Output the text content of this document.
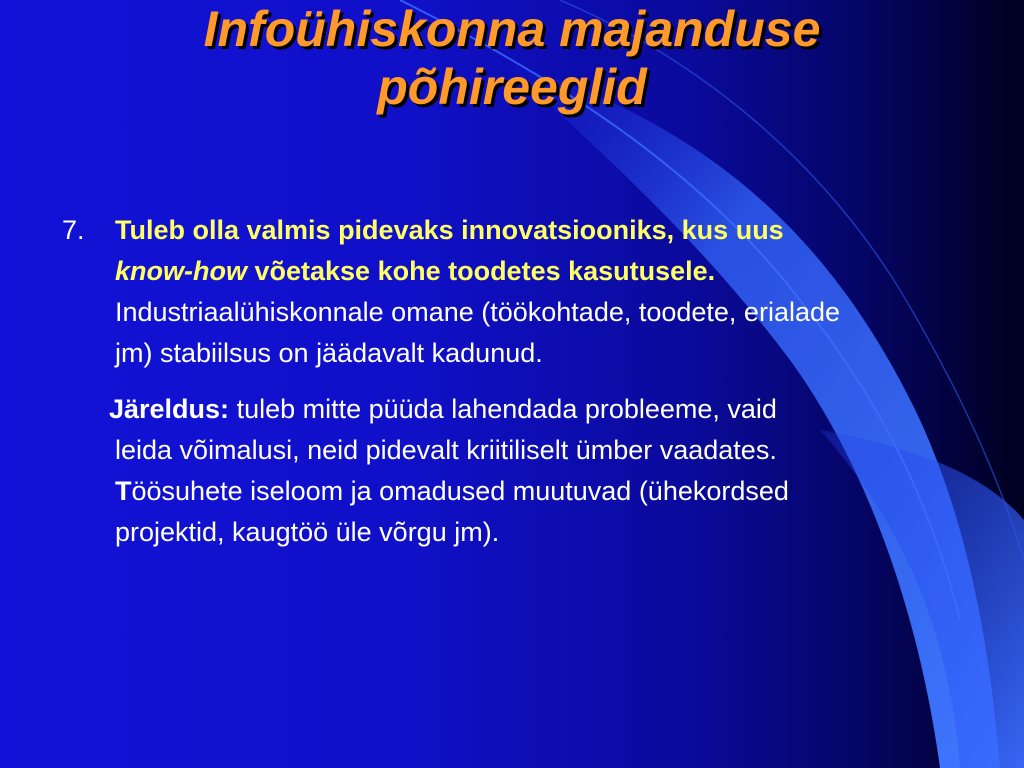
Infoühiskonna majanduse
põhireeglid
7. Tuleb olla valmis pidevaks innovatsiooniks, kus uus know-how võetakse kohe toodetes kasutusele. Industriaalühiskonnale omane (töökohtade, toodete, erialade jm) stabiilsus on jäädavalt kadunud.
Järeldus: tuleb mitte püüda lahendada probleeme, vaid leida võimalusi, neid pidevalt kriitiliselt ümber vaadates. Töösuhete iseloom ja omadused muutuvad (ühekordsed projektid, kaugtöö üle võrgu jm).
